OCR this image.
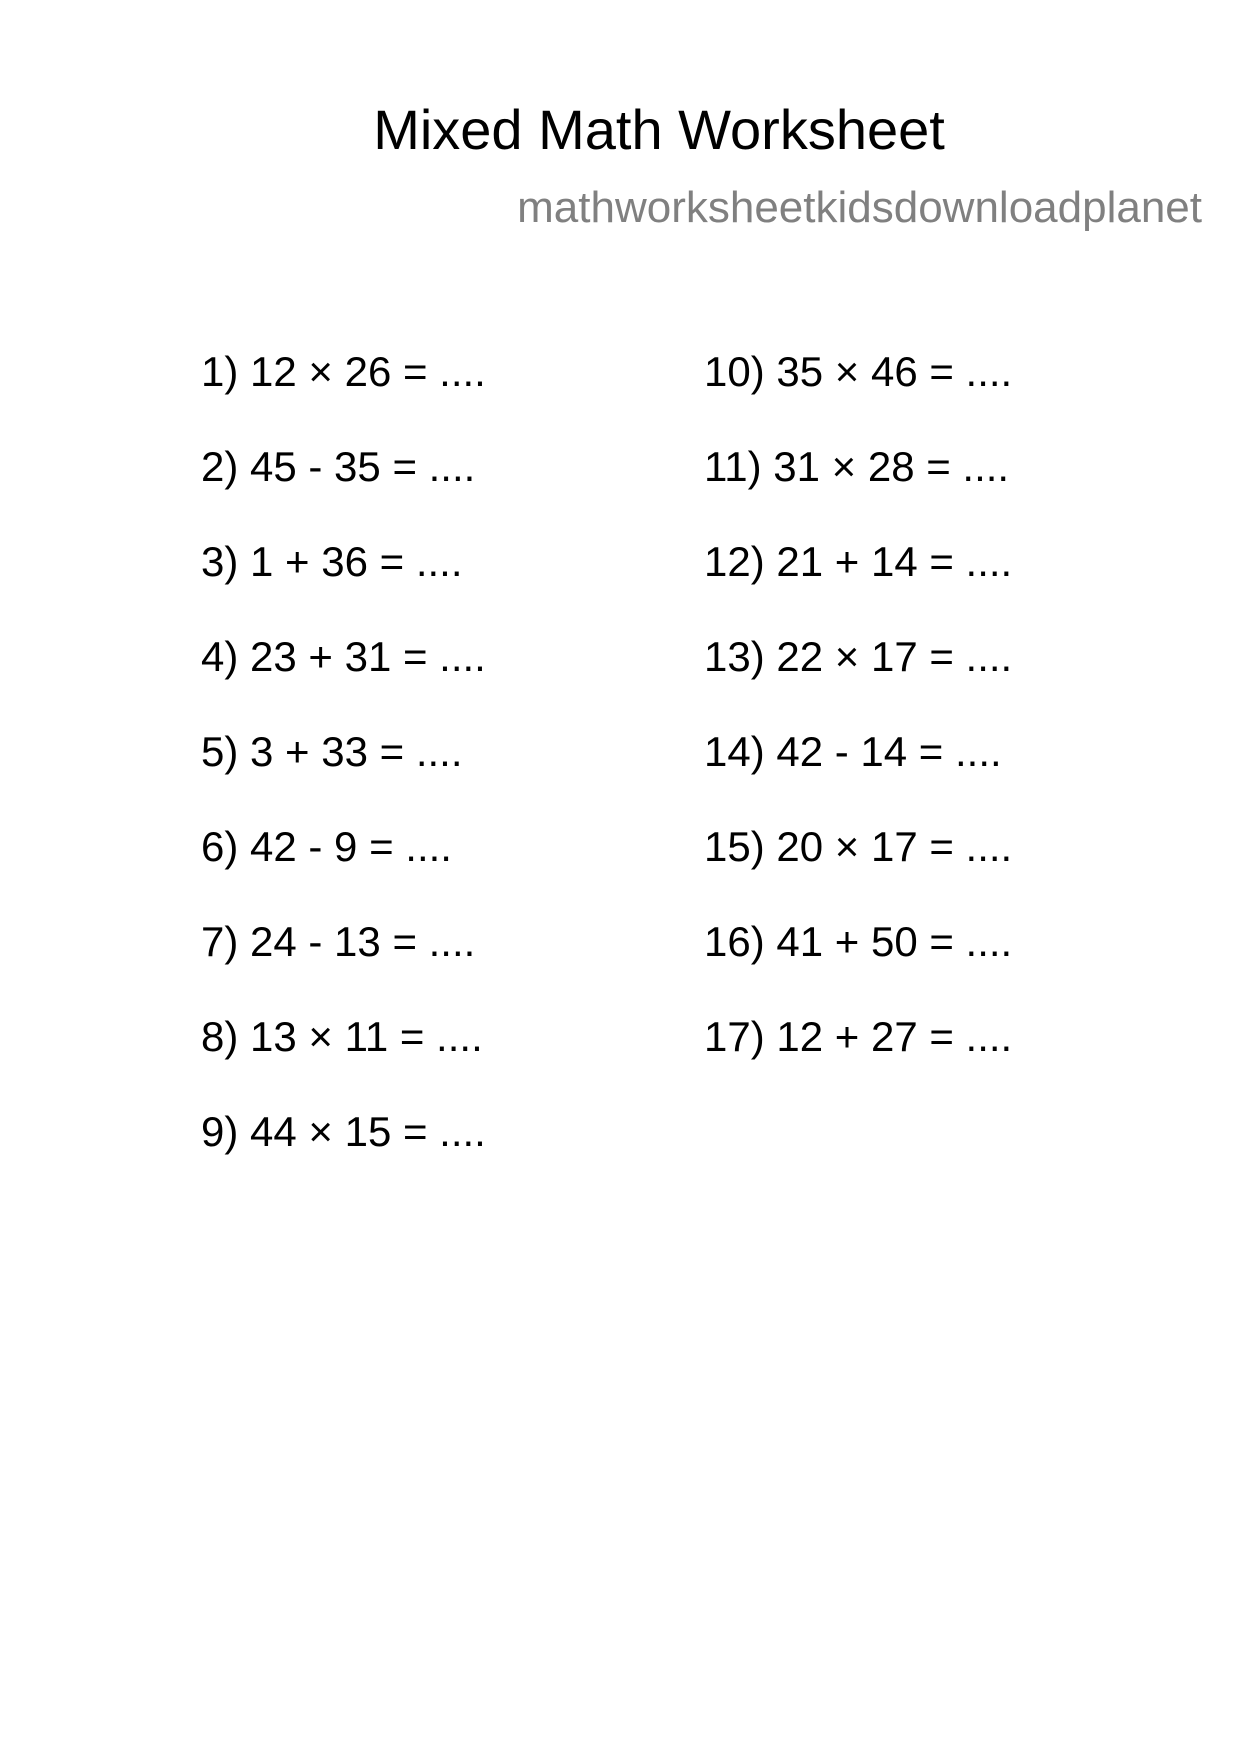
Mixed Math Worksheet
mathworksheetkidsdownloadplanet
1) 12 × 26 = ....
2) 45 - 35 = ....
3) 1 + 36 = ....
4) 23 + 31 = ....
5) 3 + 33 = ....
6) 42 - 9 = ....
7) 24 - 13 = ....
8) 13 × 11 = ....
9) 44 × 15 = ....
10) 35 × 46 = ....
11) 31 × 28 = ....
12) 21 + 14 = ....
13) 22 × 17 = ....
14) 42 - 14 = ....
15) 20 × 17 = ....
16) 41 + 50 = ....
17) 12 + 27 = ....
